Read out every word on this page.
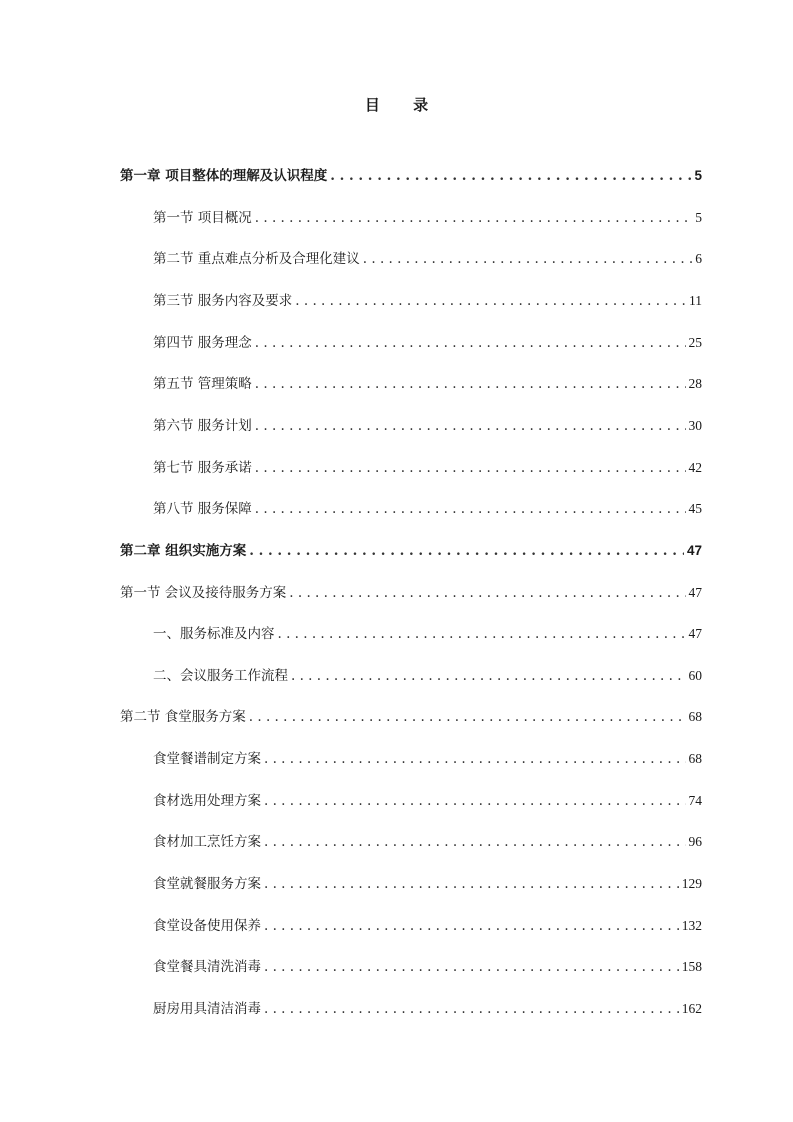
目 录
第一章 项目整体的理解及认识程度 . . .	5
第一节 项目概况 . . .	5
第二节 重点难点分析及合理化建议 . . .	6
第三节 服务内容及要求 . . .	11
第四节 服务理念 . . .	25
第五节 管理策略 . . .	28
第六节 服务计划 . . .	30
第七节 服务承诺 . . .	42
第八节 服务保障 . . .	45
第二章 组织实施方案 . . .	47
第一节 会议及接待服务方案 . . .	47
一、服务标准及内容 . . .	47
二、会议服务工作流程 . . .	60
第二节 食堂服务方案 . . .	68
食堂餐谱制定方案 . . .	68
食材选用处理方案 . . .	74
食材加工烹饪方案 . . .	96
食堂就餐服务方案 . . .	129
食堂设备使用保养 . . .	132
食堂餐具清洗消毒 . . .	158
厨房用具清洁消毒 . . .	162
